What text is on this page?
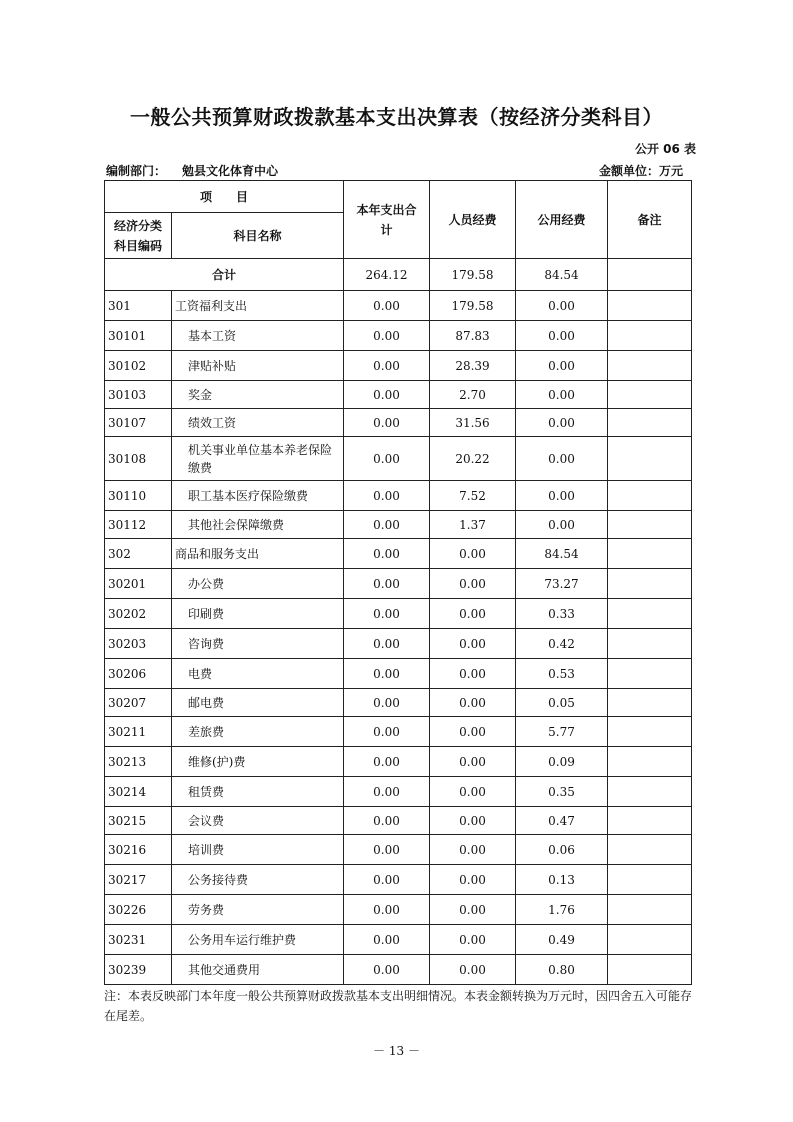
一般公共预算财政拨款基本支出决算表（按经济分类科目）
公开 06 表
编制部门： 勉县文化体育中心	金额单位：万元
项　　目		本年支出合计	人员经费	公用经费	备注

经济分类科目编码	科目名称				
合计		264.12	179.58	84.54	
301	工资福利支出	0.00	179.58	0.00	
30101	基本工资	0.00	87.83	0.00	
30102	津贴补贴	0.00	28.39	0.00	
30103	奖金	0.00	2.70	0.00	
30107	绩效工资	0.00	31.56	0.00	
30108	机关事业单位基本养老保险缴费	0.00	20.22	0.00	
30110	职工基本医疗保险缴费	0.00	7.52	0.00	
30112	其他社会保障缴费	0.00	1.37	0.00	
302	商品和服务支出	0.00	0.00	84.54	
30201	办公费	0.00	0.00	73.27	
30202	印刷费	0.00	0.00	0.33	
30203	咨询费	0.00	0.00	0.42	
30206	电费	0.00	0.00	0.53	
30207	邮电费	0.00	0.00	0.05	
30211	差旅费	0.00	0.00	5.77	
30213	维修(护)费	0.00	0.00	0.09	
30214	租赁费	0.00	0.00	0.35	
30215	会议费	0.00	0.00	0.47	
30216	培训费	0.00	0.00	0.06	
30217	公务接待费	0.00	0.00	0.13	
30226	劳务费	0.00	0.00	1.76	
30231	公务用车运行维护费	0.00	0.00	0.49	
30239	其他交通费用	0.00	0.00	0.80	
注：本表反映部门本年度一般公共预算财政拨款基本支出明细情况。本表金额转换为万元时，因四舍五入可能存在尾差。
－ 13 －
